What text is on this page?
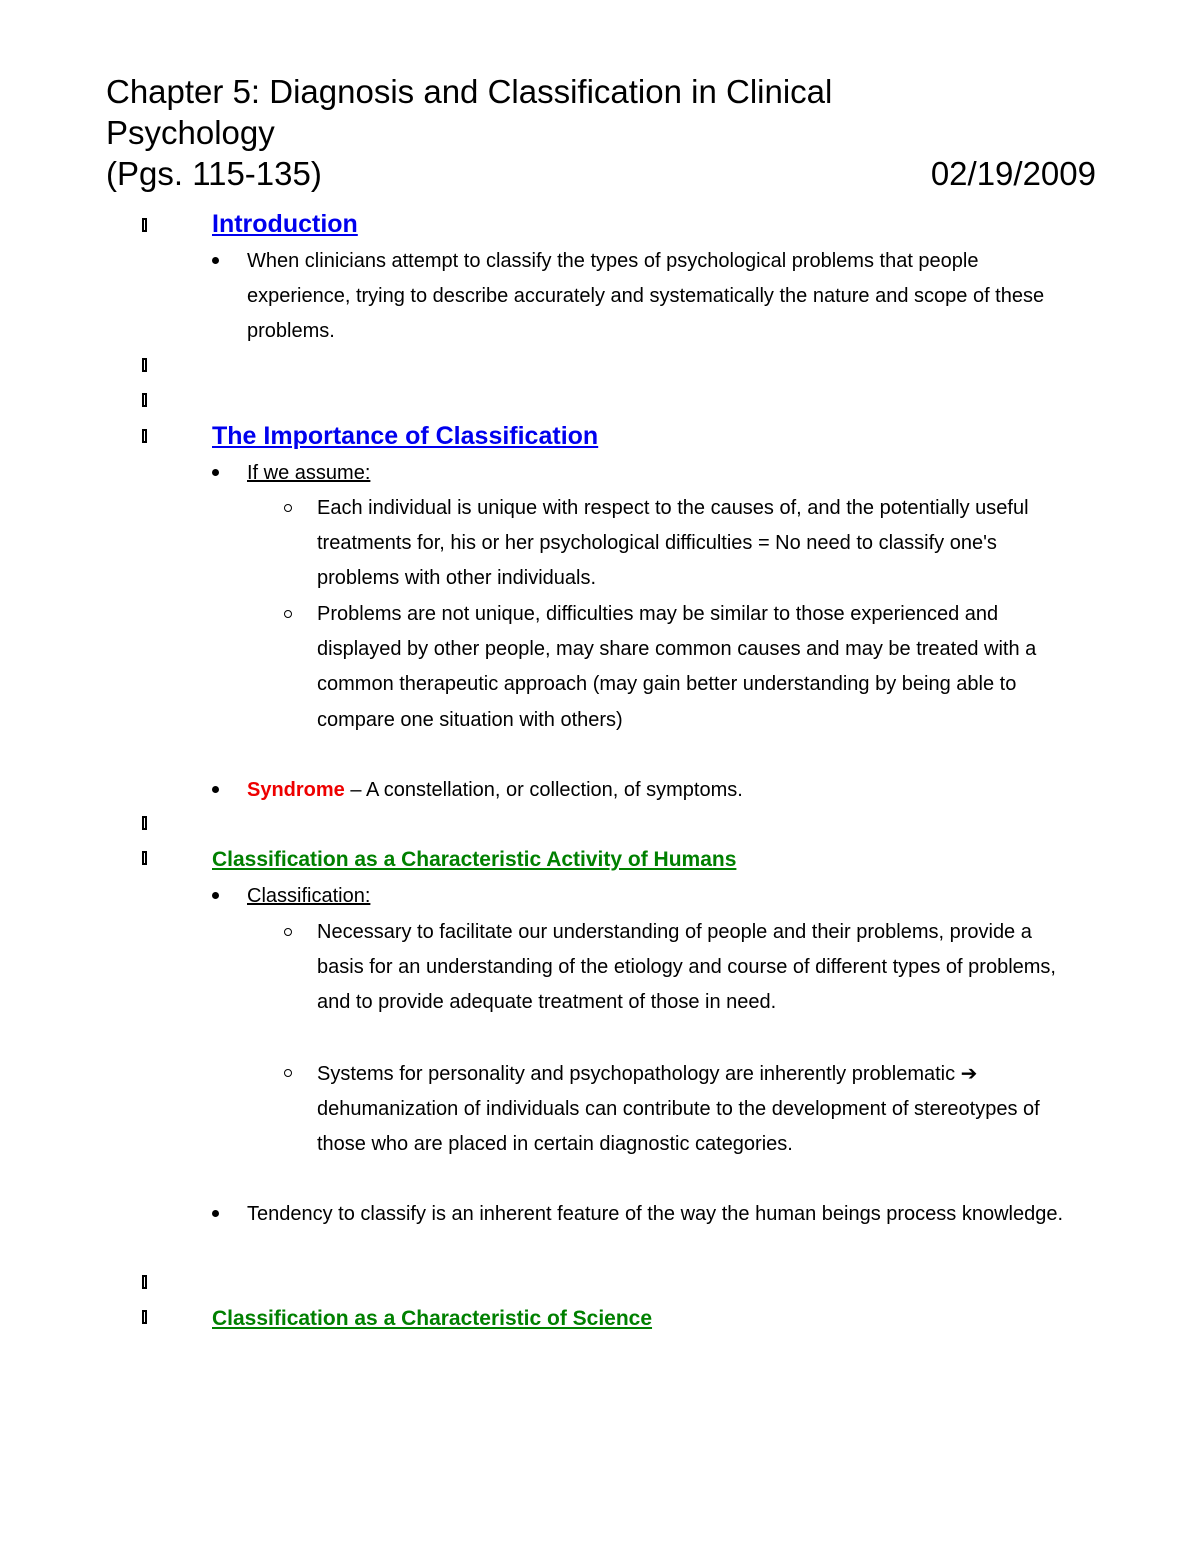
Chapter 5: Diagnosis and Classification in Clinical
Psychology
(Pgs. 115-135)	02/19/2009
Introduction
When clinicians attempt to classify the types of psychological problems that people experience, trying to describe accurately and systematically the nature and scope of these problems.
The Importance of Classification
If we assume:
Each individual is unique with respect to the causes of, and the potentially useful treatments for, his or her psychological difficulties = No need to classify one's problems with other individuals.
Problems are not unique, difficulties may be similar to those experienced and displayed by other people, may share common causes and may be treated with a common therapeutic approach (may gain better understanding by being able to compare one situation with others)
Syndrome – A constellation, or collection, of symptoms.
Classification as a Characteristic Activity of Humans
Classification:
Necessary to facilitate our understanding of people and their problems, provide a basis for an understanding of the etiology and course of different types of problems, and to provide adequate treatment of those in need.
Systems for personality and psychopathology are inherently problematic ➔ dehumanization of individuals can contribute to the development of stereotypes of those who are placed in certain diagnostic categories.
Tendency to classify is an inherent feature of the way the human beings process knowledge.
Classification as a Characteristic of Science
